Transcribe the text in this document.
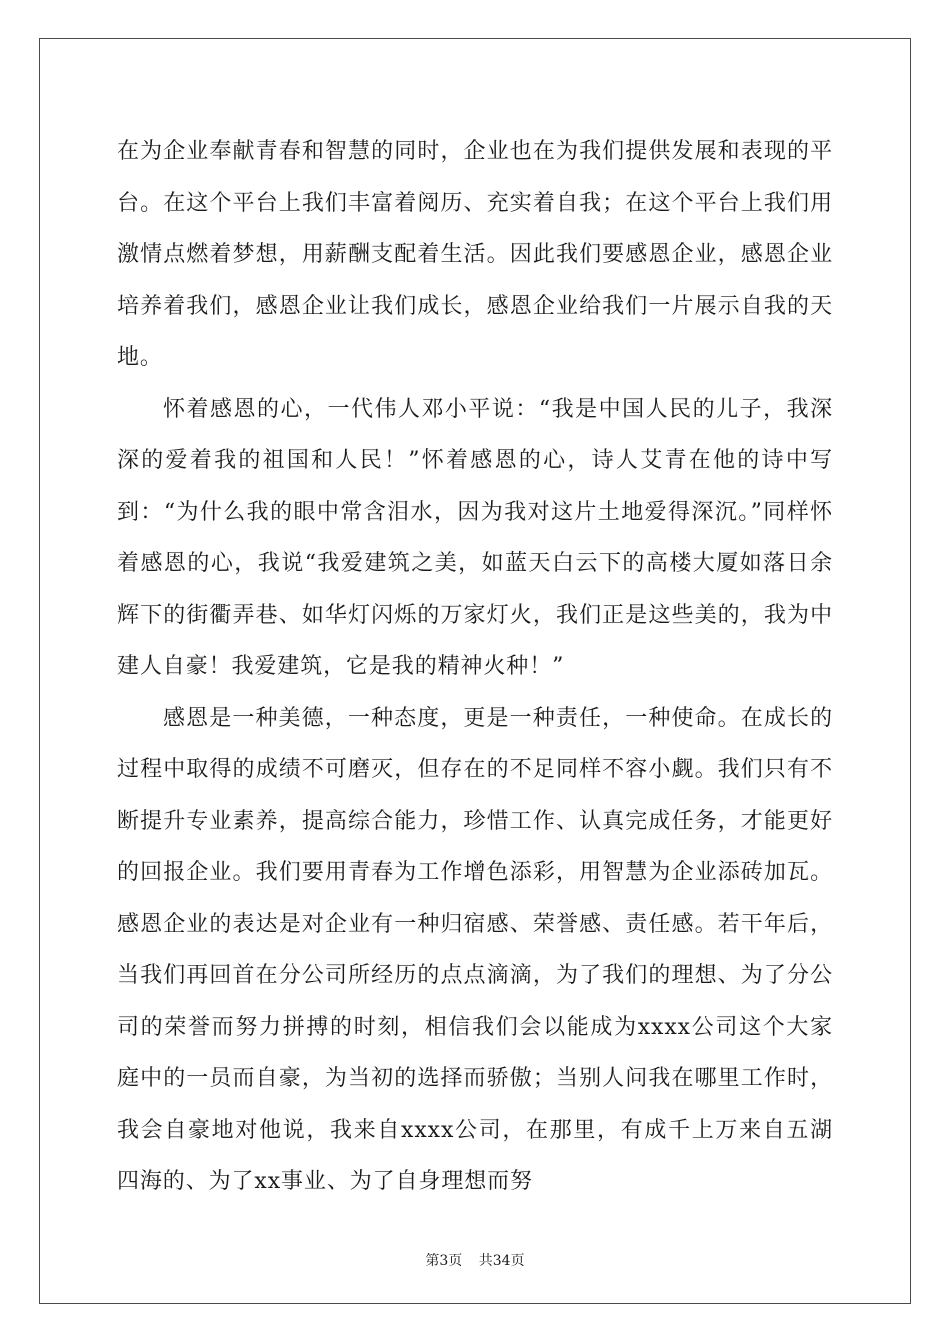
在为企业奉献青春和智慧的同时，企业也在为我们提供发展和表现的平台。在这个平台上我们丰富着阅历、充实着自我；在这个平台上我们用激情点燃着梦想，用薪酬支配着生活。因此我们要感恩企业，感恩企业培养着我们，感恩企业让我们成长，感恩企业给我们一片展示自我的天地。

怀着感恩的心，一代伟人邓小平说：“我是中国人民的儿子，我深深的爱着我的祖国和人民！”怀着感恩的心，诗人艾青在他的诗中写到：“为什么我的眼中常含泪水，因为我对这片土地爱得深沉。”同样怀着感恩的心，我说“我爱建筑之美，如蓝天白云下的高楼大厦如落日余辉下的街衢弄巷、如华灯闪烁的万家灯火，我们正是这些美的，我为中建人自豪！我爱建筑，它是我的精神火种！”

感恩是一种美德，一种态度，更是一种责任，一种使命。在成长的过程中取得的成绩不可磨灭，但存在的不足同样不容小觑。我们只有不断提升专业素养，提高综合能力，珍惜工作、认真完成任务，才能更好的回报企业。我们要用青春为工作增色添彩，用智慧为企业添砖加瓦。感恩企业的表达是对企业有一种归宿感、荣誉感、责任感。若干年后，当我们再回首在分公司所经历的点点滴滴，为了我们的理想、为了分公司的荣誉而努力拼搏的时刻，相信我们会以能成为xxxx公司这个大家庭中的一员而自豪，为当初的选择而骄傲；当别人问我在哪里工作时，我会自豪地对他说，我来自xxxx公司，在那里，有成千上万来自五湖四海的、为了xx事业、为了自身理想而努

第3页 共34页
